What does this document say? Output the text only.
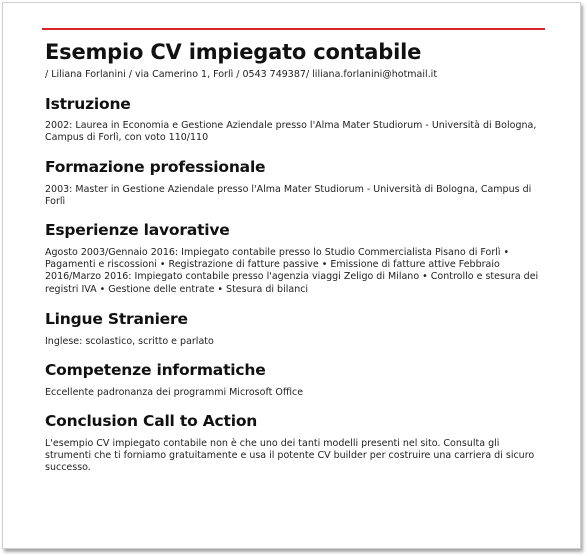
Esempio CV impiegato contabile

/ Liliana Forlanini / via Camerino 1, Forlì / 0543 749387/ liliana.forlanini@hotmail.it

Istruzione

2002: Laurea in Economia e Gestione Aziendale presso l'Alma Mater Studiorum - Università di Bologna, Campus di Forlì, con voto 110/110

Formazione professionale

2003: Master in Gestione Aziendale presso l'Alma Mater Studiorum - Università di Bologna, Campus di Forlì

Esperienze lavorative

Agosto 2003/Gennaio 2016: Impiegato contabile presso lo Studio Commercialista Pisano di Forlì • Pagamenti e riscossioni • Registrazione di fatture passive • Emissione di fatture attive Febbraio 2016/Marzo 2016: Impiegato contabile presso l'agenzia viaggi Zeligo di Milano • Controllo e stesura dei registri IVA • Gestione delle entrate • Stesura di bilanci

Lingue Straniere

Inglese: scolastico, scritto e parlato

Competenze informatiche

Eccellente padronanza dei programmi Microsoft Office

Conclusion Call to Action

L'esempio CV impiegato contabile non è che uno dei tanti modelli presenti nel sito. Consulta gli strumenti che ti forniamo gratuitamente e usa il potente CV builder per costruire una carriera di sicuro successo.
